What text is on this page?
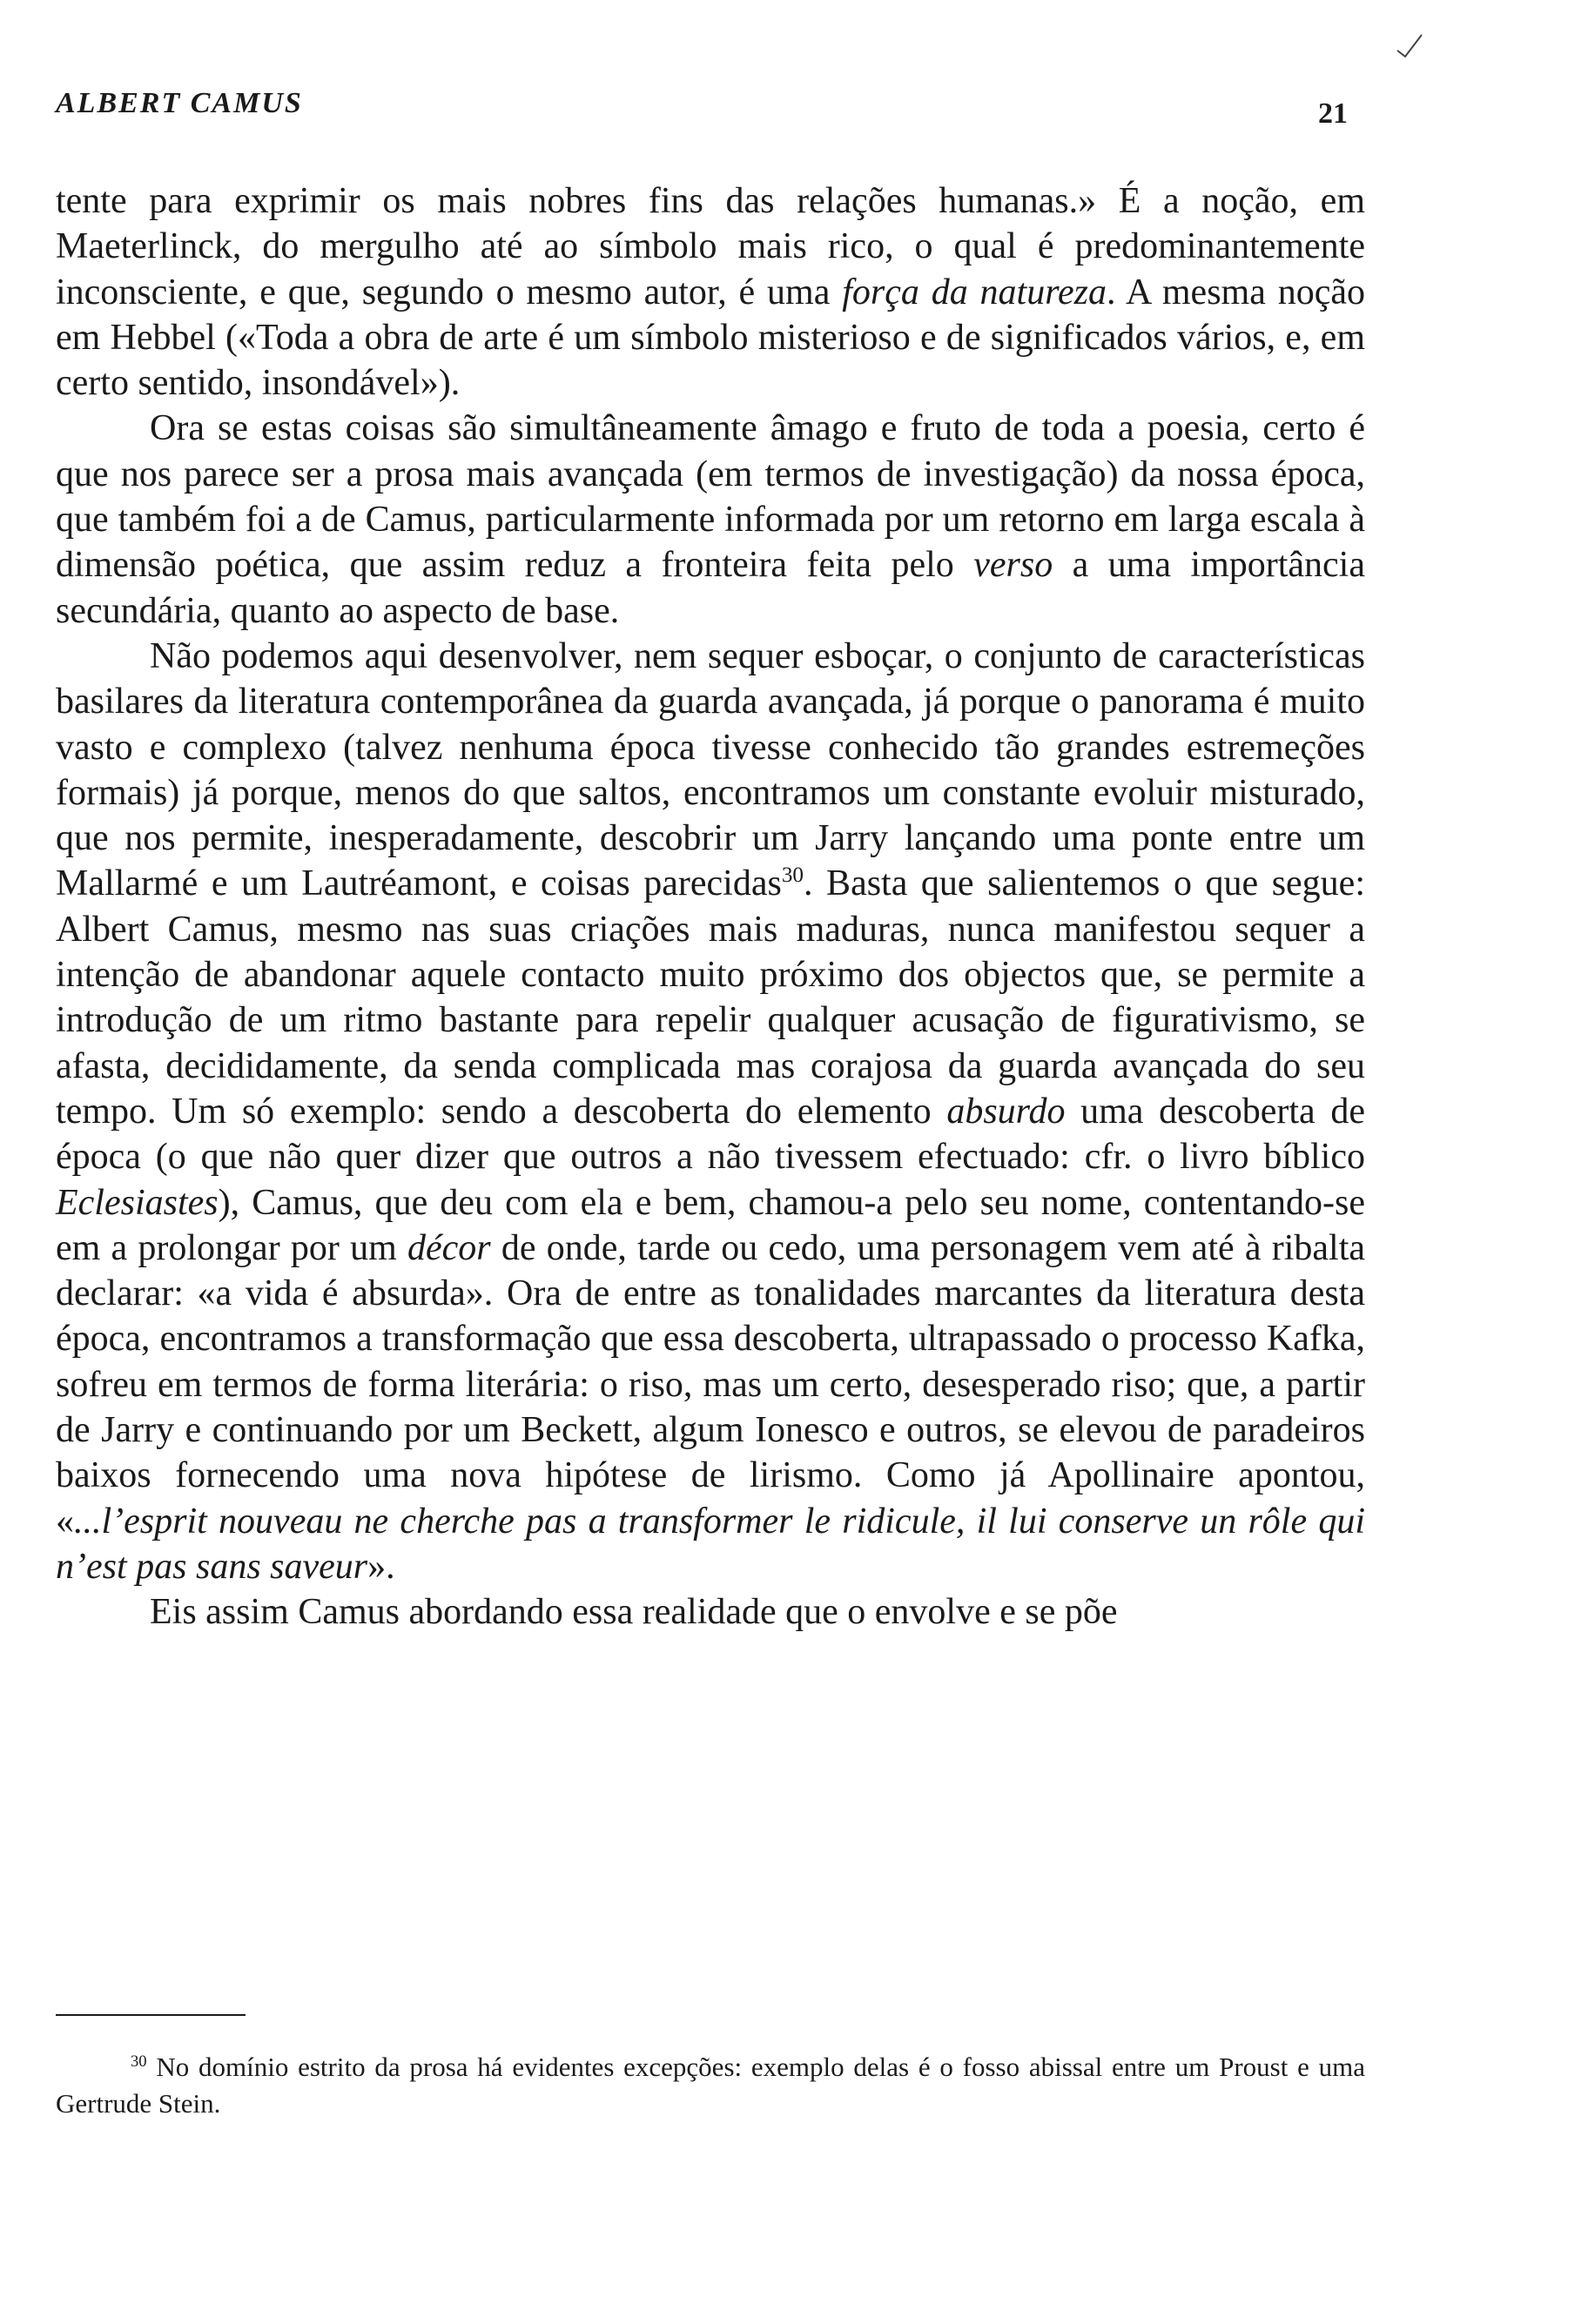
ALBERT CAMUS	21

tente para exprimir os mais nobres fins das relações humanas.» É a noção, em Maeterlinck, do mergulho até ao símbolo mais rico, o qual é predominantemente inconsciente, e que, segundo o mesmo autor, é uma força da natureza. A mesma noção em Hebbel («Toda a obra de arte é um símbolo misterioso e de significados vários, e, em certo sentido, insondável»).

Ora se estas coisas são simultâneamente âmago e fruto de toda a poesia, certo é que nos parece ser a prosa mais avançada (em termos de investigação) da nossa época, que também foi a de Camus, particularmente informada por um retorno em larga escala à dimensão poética, que assim reduz a fronteira feita pelo verso a uma importância secundária, quanto ao aspecto de base.

Não podemos aqui desenvolver, nem sequer esboçar, o conjunto de características basilares da literatura contemporânea da guarda avançada, já porque o panorama é muito vasto e complexo (talvez nenhuma época tivesse conhecido tão grandes estremeções formais) já porque, menos do que saltos, encontramos um constante evoluir misturado, que nos permite, inesperadamente, descobrir um Jarry lançando uma ponte entre um Mallarmé e um Lautréamont, e coisas parecidas$^{30}$. Basta que salientemos o que segue: Albert Camus, mesmo nas suas criações mais maduras, nunca manifestou sequer a intenção de abandonar aquele contacto muito próximo dos objectos que, se permite a introdução de um ritmo bastante para repelir qualquer acusação de figurativismo, se afasta, decididamente, da senda complicada mas corajosa da guarda avançada do seu tempo. Um só exemplo: sendo a descoberta do elemento absurdo uma descoberta de época (o que não quer dizer que outros a não tivessem efectuado: cfr. o livro bíblico Eclesiastes), Camus, que deu com ela e bem, chamou-a pelo seu nome, contentando-se em a prolongar por um décor de onde, tarde ou cedo, uma personagem vem até à ribalta declarar: «a vida é absurda». Ora de entre as tonalidades marcantes da literatura desta época, encontramos a transformação que essa descoberta, ultrapassado o processo Kafka, sofreu em termos de forma literária: o riso, mas um certo, desesperado riso; que, a partir de Jarry e continuando por um Beckett, algum Ionesco e outros, se elevou de paradeiros baixos fornecendo uma nova hipótese de lirismo. Como já Apollinaire apontou, «...l’esprit nouveau ne cherche pas a transformer le ridicule, il lui conserve un rôle qui n’est pas sans saveur».

Eis assim Camus abordando essa realidade que o envolve e se põe

$^{30}$ No domínio estrito da prosa há evidentes excepções: exemplo delas é o fosso abissal entre um Proust e uma Gertrude Stein.
